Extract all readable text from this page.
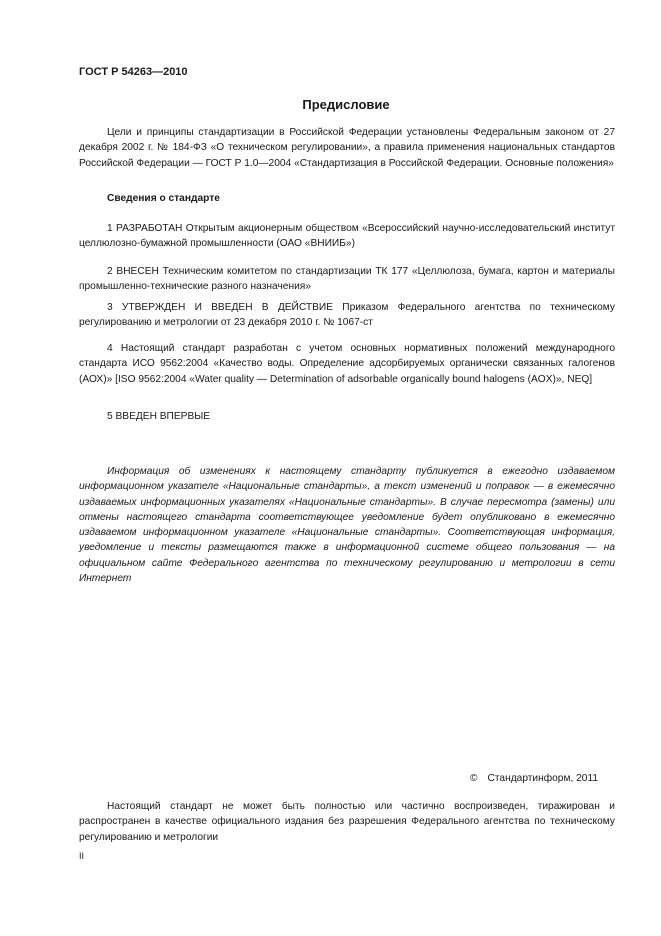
ГОСТ Р 54263—2010
Предисловие

Цели и принципы стандартизации в Российской Федерации установлены Федеральным законом от 27 декабря 2002 г. № 184-ФЗ «О техническом регулировании», а правила применения национальных стандартов Российской Федерации — ГОСТ Р 1.0—2004 «Стандартизация в Российской Федерации. Основные положения»

Сведения о стандарте

1 РАЗРАБОТАН Открытым акционерным обществом «Всероссийский научно-исследовательский институт целлюлозно-бумажной промышленности (ОАО «ВНИИБ»)

2 ВНЕСЕН Техническим комитетом по стандартизации ТК 177 «Целлюлоза, бумага, картон и материалы промышленно-технические разного назначения»

3 УТВЕРЖДЕН И ВВЕДЕН В ДЕЙСТВИЕ Приказом Федерального агентства по техническому регулированию и метрологии от 23 декабря 2010 г. № 1067-ст

4 Настоящий стандарт разработан с учетом основных нормативных положений международного стандарта ИСО 9562:2004 «Качество воды. Определение адсорбируемых органически связанных галогенов (АОХ)» [ISO 9562:2004 «Water quality — Determination of adsorbable organically bound halogens (AOX)», NEQ]

5 ВВЕДЕН ВПЕРВЫЕ

Информация об изменениях к настоящему стандарту публикуется в ежегодно издаваемом информационном указателе «Национальные стандарты», а текст изменений и поправок — в ежемесячно издаваемых информационных указателях «Национальные стандарты». В случае пересмотра (замены) или отмены настоящего стандарта соответствующее уведомление будет опубликовано в ежемесячно издаваемом информационном указателе «Национальные стандарты». Соответствующая информация, уведомление и тексты размещаются также в информационной системе общего пользования — на официальном сайте Федерального агентства по техническому регулированию и метрологии в сети Интернет

© Стандартинформ, 2011

Настоящий стандарт не может быть полностью или частично воспроизведен, тиражирован и распространен в качестве официального издания без разрешения Федерального агентства по техническому регулированию и метрологии

II
